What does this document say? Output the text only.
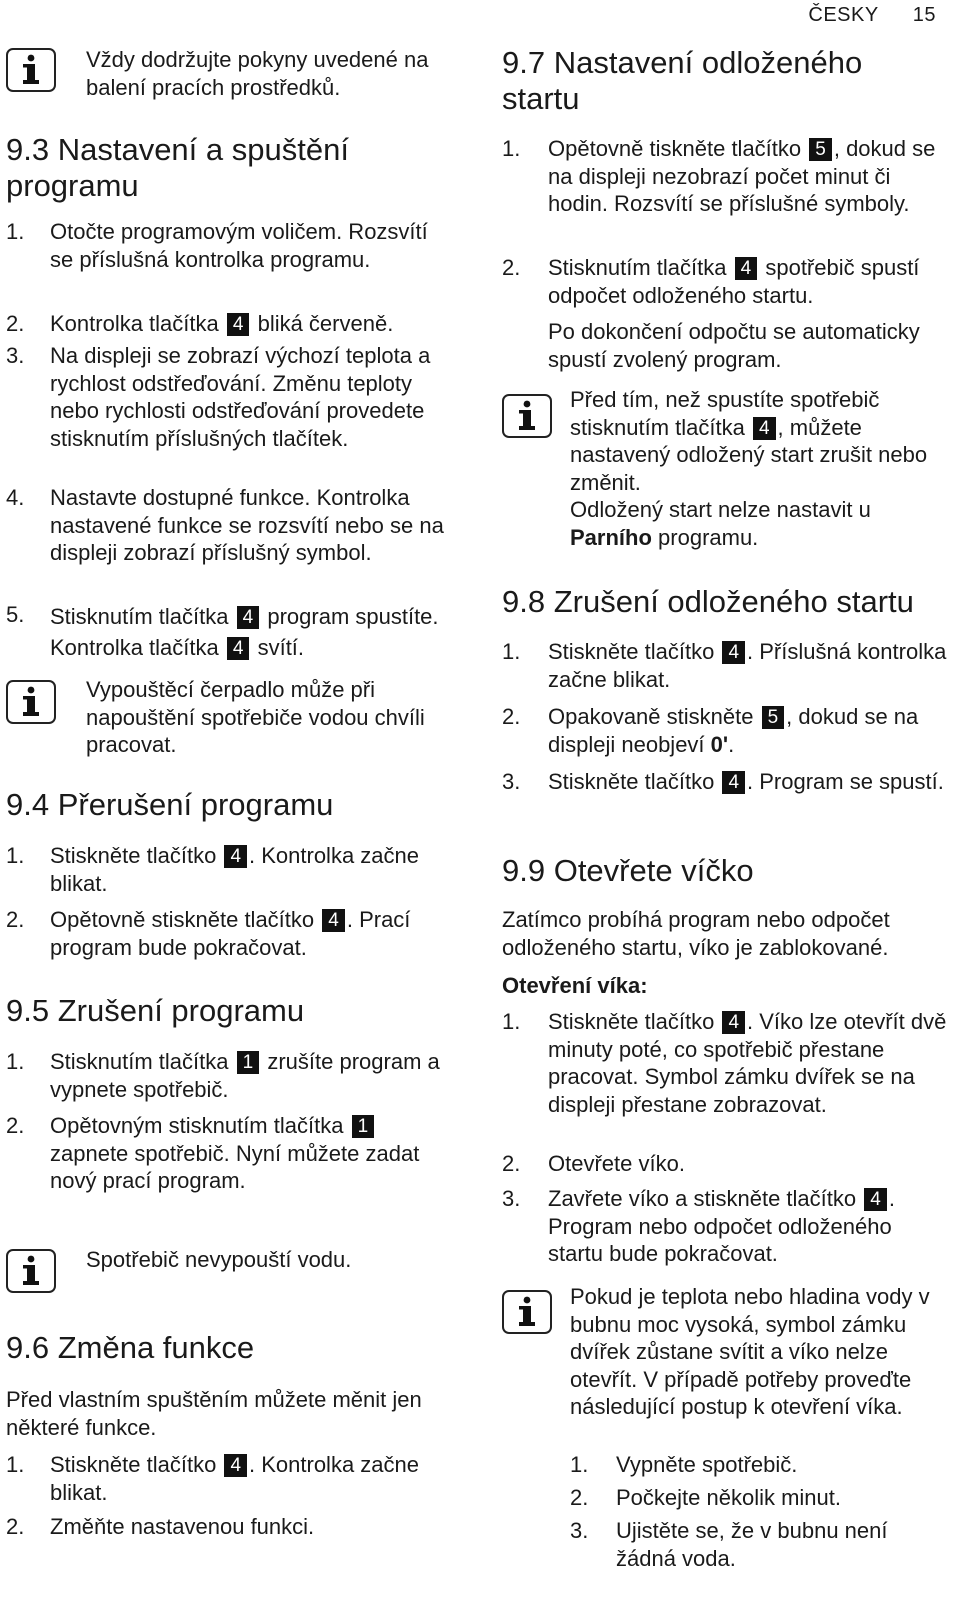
ČESKY 15
Vždy dodržujte pokyny uvedené na balení pracích prostředků.
9.3 Nastavení a spuštění programu
1. Otočte programovým voličem. Rozsvítí se příslušná kontrolka programu.
2. Kontrolka tlačítka 4 bliká červeně.
3. Na displeji se zobrazí výchozí teplota a rychlost odstřeďování. Změnu teploty nebo rychlosti odstřeďování provedete stisknutím příslušných tlačítek.
4. Nastavte dostupné funkce. Kontrolka nastavené funkce se rozsvítí nebo se na displeji zobrazí příslušný symbol.
5. Stisknutím tlačítka 4 program spustíte. Kontrolka tlačítka 4 svítí.
Vypouštěcí čerpadlo může při napouštění spotřebiče vodou chvíli pracovat.
9.4 Přerušení programu
1. Stiskněte tlačítko 4 . Kontrolka začne blikat.
2. Opětovně stiskněte tlačítko 4 . Prací program bude pokračovat.
9.5 Zrušení programu
1. Stisknutím tlačítka 1 zrušíte program a vypnete spotřebič.
2. Opětovným stisknutím tlačítka 1 zapnete spotřebič. Nyní můžete zadat nový prací program.
Spotřebič nevypouští vodu.
9.6 Změna funkce
Před vlastním spuštěním můžete měnit jen některé funkce.
1. Stiskněte tlačítko 4 . Kontrolka začne blikat.
2. Změňte nastavenou funkci.
9.7 Nastavení odloženého startu
1. Opětovně tiskněte tlačítko 5 , dokud se na displeji nezobrazí počet minut či hodin. Rozsvítí se příslušné symboly.
2. Stisknutím tlačítka 4 spotřebič spustí odpočet odloženého startu.
Po dokončení odpočtu se automaticky spustí zvolený program.
Před tím, než spustíte spotřebič stisknutím tlačítka 4 , můžete nastavený odložený start zrušit nebo změnit.
Odložený start nelze nastavit u Parního programu.
9.8 Zrušení odloženého startu
1. Stiskněte tlačítko 4 . Příslušná kontrolka začne blikat.
2. Opakovaně stiskněte 5 , dokud se na displeji neobjeví 0'.
3. Stiskněte tlačítko 4 . Program se spustí.
9.9 Otevřete víčko
Zatímco probíhá program nebo odpočet odloženého startu, víko je zablokované.
Otevření víka:
1. Stiskněte tlačítko 4 . Víko lze otevřít dvě minuty poté, co spotřebič přestane pracovat. Symbol zámku dvířek se na displeji přestane zobrazovat.
2. Otevřete víko.
3. Zavřete víko a stiskněte tlačítko 4 . Program nebo odpočet odloženého startu bude pokračovat.
Pokud je teplota nebo hladina vody v bubnu moc vysoká, symbol zámku dvířek zůstane svítit a víko nelze otevřít. V případě potřeby proveďte následující postup k otevření víka.
1. Vypněte spotřebič.
2. Počkejte několik minut.
3. Ujistěte se, že v bubnu není žádná voda.
